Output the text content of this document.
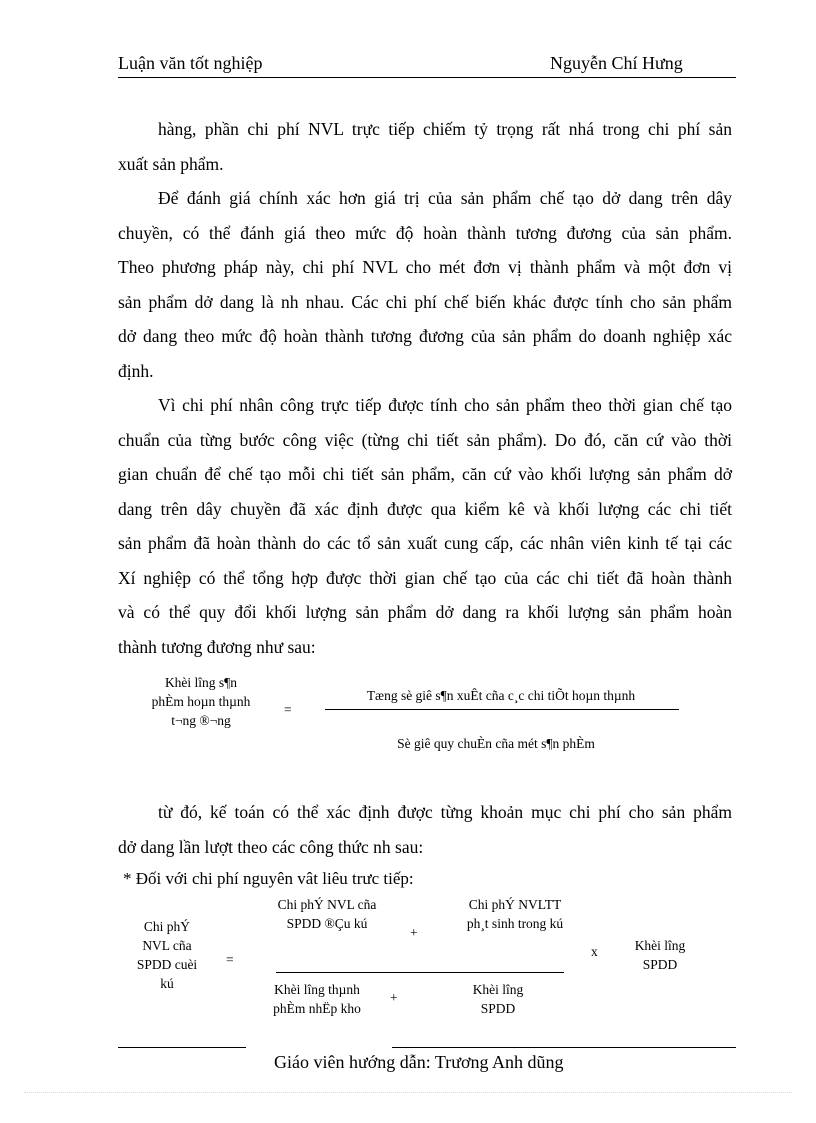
Luận văn tốt nghiệp	Nguyễn Chí Hưng
hàng, phần chi phí NVL trực tiếp chiếm tỷ trọng rất nhá trong chi phí sản
xuất sản phẩm.
Để đánh giá chính xác hơn giá trị của sản phẩm chế tạo dở dang trên dây
chuyền, có thể đánh giá theo mức độ hoàn thành tương đương của sản phẩm.
Theo phương pháp này, chi phí NVL cho mét đơn vị thành phẩm và một đơn vị
sản phẩm dở dang là nh nhau. Các chi phí chế biến khác được tính cho sản phẩm
dở dang theo mức độ hoàn thành tương đương của sản phẩm do doanh nghiệp xác
định.
Vì chi phí nhân công trực tiếp được tính cho sản phẩm theo thời gian chế tạo
chuẩn của từng bước công việc (từng chi tiết sản phẩm). Do đó, căn cứ vào thời
gian chuẩn để chế tạo mỗi chi tiết sản phẩm, căn cứ vào khối lượng sản phẩm dở
dang trên dây chuyền đã xác định được qua kiểm kê và khối lượng các chi tiết
sản phẩm đã hoàn thành do các tổ sản xuất cung cấp, các nhân viên kinh tế tại các
Xí nghiệp có thể tổng hợp được thời gian chế tạo của các chi tiết đã hoàn thành
và có thể quy đổi khối lượng sản phẩm dở dang ra khối lượng sản phẩm hoàn
thành tương đương như sau:
Khèi lîng s¶n
phÈm hoµn thµnh
t¬ng ®¬ng
=
Tæng sè giê s¶n xuÊt cña c¸c chi tiÕt hoµn thµnh
Sè giê quy chuÈn cña mét s¶n phÈm
từ đó, kế toán có thể xác định được từng khoản mục chi phí cho sản phẩm
dở dang lần lượt theo các công thức nh sau:
* Đối với chi phí nguyên vât liêu trưc tiếp:
Chi phÝ
NVL cña
SPDD cuèi
kú
=
Chi phÝ NVL cña
SPDD ®Çu kú
+
Chi phÝ NVLTT
ph¸t sinh trong kú
Khèi lîng thµnh
phÈm nhËp kho
+
Khèi lîng
SPDD
x	Khèi lîng
SPDD
Giáo viên hướng dẫn: Trương Anh dũng
